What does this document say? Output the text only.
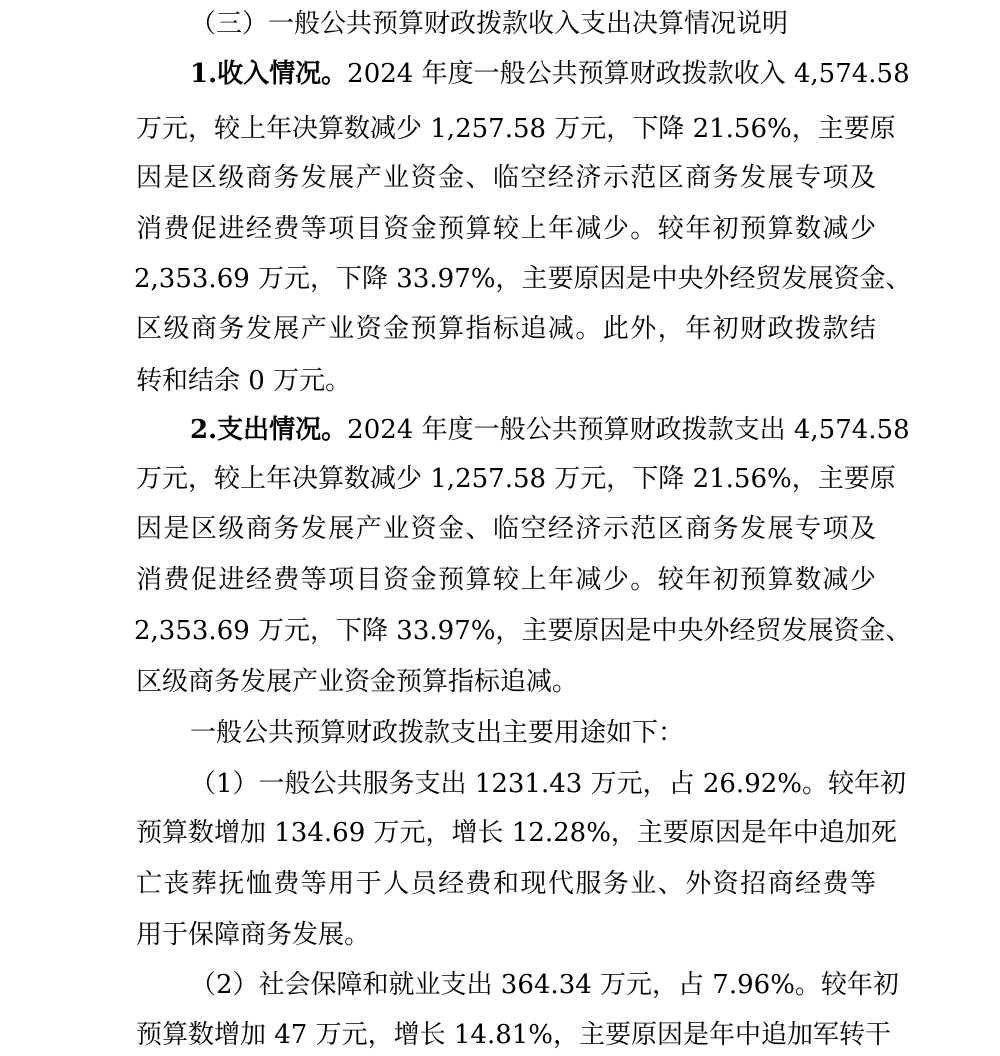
（三）一般公共预算财政拨款收入支出决算情况说明
1.收入情况。2024 年度一般公共预算财政拨款收入 4,574.58
万元，较上年决算数减少 1,257.58 万元，下降 21.56%，主要原
因是区级商务发展产业资金、临空经济示范区商务发展专项及
消费促进经费等项目资金预算较上年减少。较年初预算数减少
2,353.69 万元，下降 33.97%，主要原因是中央外经贸发展资金、
区级商务发展产业资金预算指标追减。此外，年初财政拨款结
转和结余 0 万元。
2.支出情况。2024 年度一般公共预算财政拨款支出 4,574.58
万元，较上年决算数减少 1,257.58 万元，下降 21.56%，主要原
因是区级商务发展产业资金、临空经济示范区商务发展专项及
消费促进经费等项目资金预算较上年减少。较年初预算数减少
2,353.69 万元，下降 33.97%，主要原因是中央外经贸发展资金、
区级商务发展产业资金预算指标追减。
一般公共预算财政拨款支出主要用途如下：
（1）一般公共服务支出 1231.43 万元，占 26.92%。较年初
预算数增加 134.69 万元，增长 12.28%，主要原因是年中追加死
亡丧葬抚恤费等用于人员经费和现代服务业、外资招商经费等
用于保障商务发展。
（2）社会保障和就业支出 364.34 万元，占 7.96%。较年初
预算数增加 47 万元，增长 14.81%，主要原因是年中追加军转干
